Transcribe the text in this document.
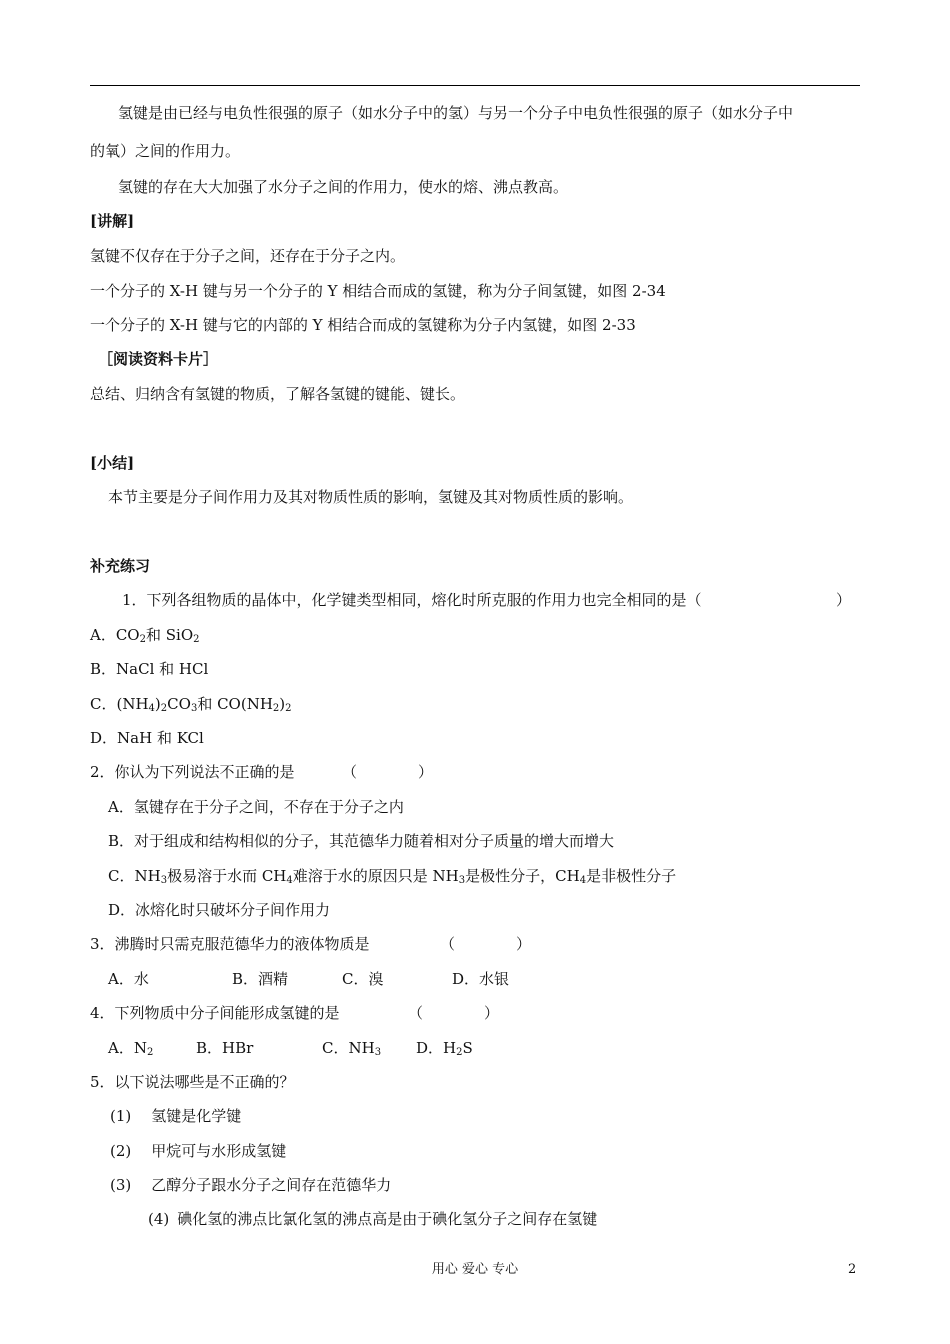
氢键是由已经与电负性很强的原子（如水分子中的氢）与另一个分子中电负性很强的原子（如水分子中
的氧）之间的作用力。
氢键的存在大大加强了水分子之间的作用力，使水的熔、沸点教高。
[讲解]
氢键不仅存在于分子之间，还存在于分子之内。
一个分子的 X-H 键与另一个分子的 Y 相结合而成的氢键，称为分子间氢键，如图 2-34
一个分子的 X-H 键与它的内部的 Y 相结合而成的氢键称为分子内氢键，如图 2-33
［阅读资料卡片］
总结、归纳含有氢键的物质，了解各氢键的键能、键长。
[小结]
本节主要是分子间作用力及其对物质性质的影响，氢键及其对物质性质的影响。
补充练习
1．下列各组物质的晶体中，化学键类型相同，熔化时所克服的作用力也完全相同的是（	）
A．$CO_2$和 SiO$_2$
B．NaCl 和 HCl
C．$(NH_4)_2CO_3$和 $CO(NH_2)_2$
D．NaH 和 KCl
2．你认为下列说法不正确的是	（	）
A．氢键存在于分子之间，不存在于分子之内
B．对于组成和结构相似的分子，其范德华力随着相对分子质量的增大而增大
C．$NH_3$极易溶于水而 $CH_4$难溶于水的原因只是 $NH_3$是极性分子，$CH_4$是非极性分子
D．冰熔化时只破坏分子间作用力
3．沸腾时只需克服范德华力的液体物质是	（	）
A．水	B．酒精	C．溴	D．水银
4．下列物质中分子间能形成氢键的是	（	）
A．$N_2$	B．HBr	C．$NH_3$ D．$H_2S$
5．以下说法哪些是不正确的？
(1) 氢键是化学键
(2) 甲烷可与水形成氢键
(3) 乙醇分子跟水分子之间存在范德华力
(4) 碘化氢的沸点比氯化氢的沸点高是由于碘化氢分子之间存在氢键
用心 爱心 专心	2
